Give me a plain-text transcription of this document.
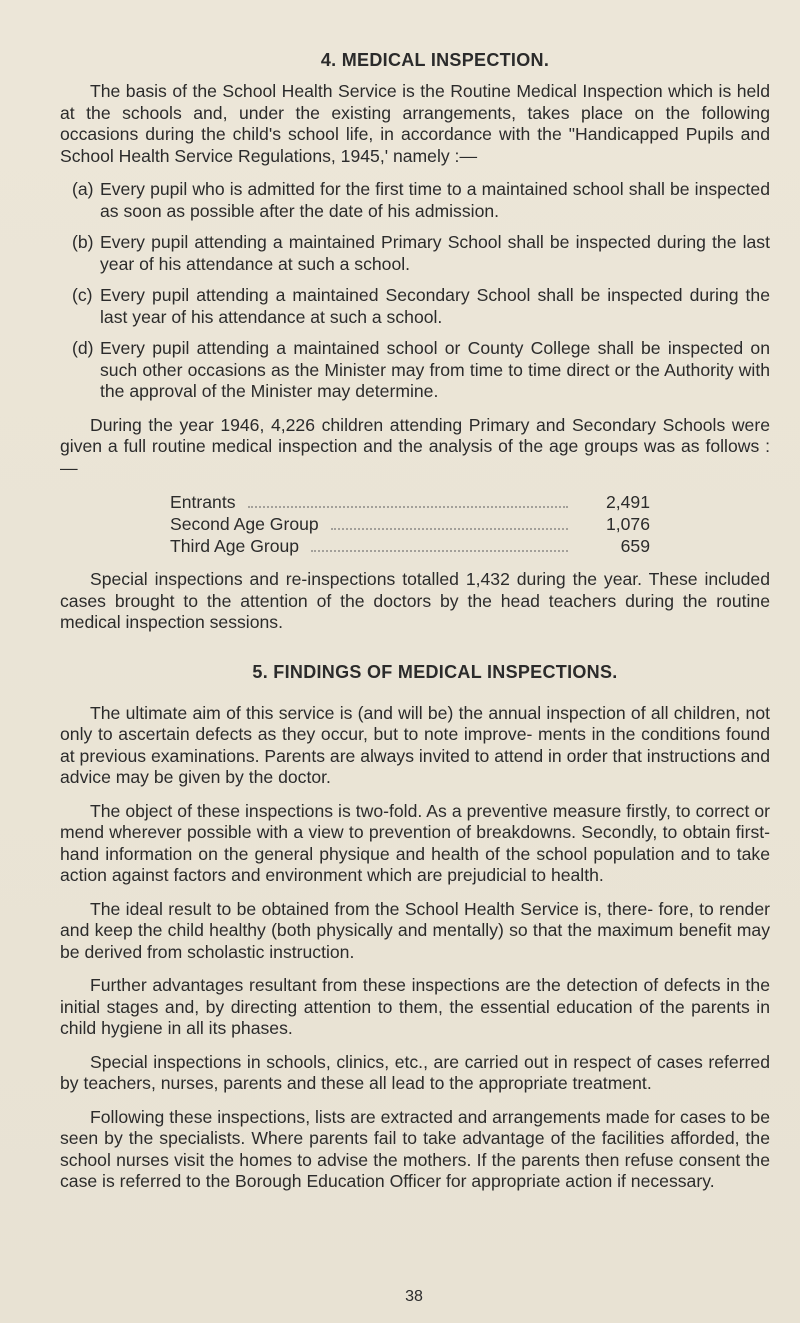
4. MEDICAL INSPECTION.

The basis of the School Health Service is the Routine Medical Inspection which is held at the schools and, under the existing arrangements, takes place on the following occasions during the child's school life, in accordance with the "Handicapped Pupils and School Health Service Regulations, 1945,' namely :—

(a) Every pupil who is admitted for the first time to a maintained school shall be inspected as soon as possible after the date of his admission.
(b) Every pupil attending a maintained Primary School shall be inspected during the last year of his attendance at such a school.
(c) Every pupil attending a maintained Secondary School shall be inspected during the last year of his attendance at such a school.
(d) Every pupil attending a maintained school or County College shall be inspected on such other occasions as the Minister may from time to time direct or the Authority with the approval of the Minister may determine.

During the year 1946, 4,226 children attending Primary and Secondary Schools were given a full routine medical inspection and the analysis of the age groups was as follows :—

Entrants	2,491
Second Age Group	1,076
Third Age Group	659

Special inspections and re-inspections totalled 1,432 during the year. These included cases brought to the attention of the doctors by the head teachers during the routine medical inspection sessions.

5. FINDINGS OF MEDICAL INSPECTIONS.

The ultimate aim of this service is (and will be) the annual inspection of all children, not only to ascertain defects as they occur, but to note improve- ments in the conditions found at previous examinations. Parents are always invited to attend in order that instructions and advice may be given by the doctor.

The object of these inspections is two-fold. As a preventive measure firstly, to correct or mend wherever possible with a view to prevention of breakdowns. Secondly, to obtain first-hand information on the general physique and health of the school population and to take action against factors and environment which are prejudicial to health.

The ideal result to be obtained from the School Health Service is, there- fore, to render and keep the child healthy (both physically and mentally) so that the maximum benefit may be derived from scholastic instruction.

Further advantages resultant from these inspections are the detection of defects in the initial stages and, by directing attention to them, the essential education of the parents in child hygiene in all its phases.

Special inspections in schools, clinics, etc., are carried out in respect of cases referred by teachers, nurses, parents and these all lead to the appropriate treatment.

Following these inspections, lists are extracted and arrangements made for cases to be seen by the specialists. Where parents fail to take advantage of the facilities afforded, the school nurses visit the homes to advise the mothers. If the parents then refuse consent the case is referred to the Borough Education Officer for appropriate action if necessary.

38
